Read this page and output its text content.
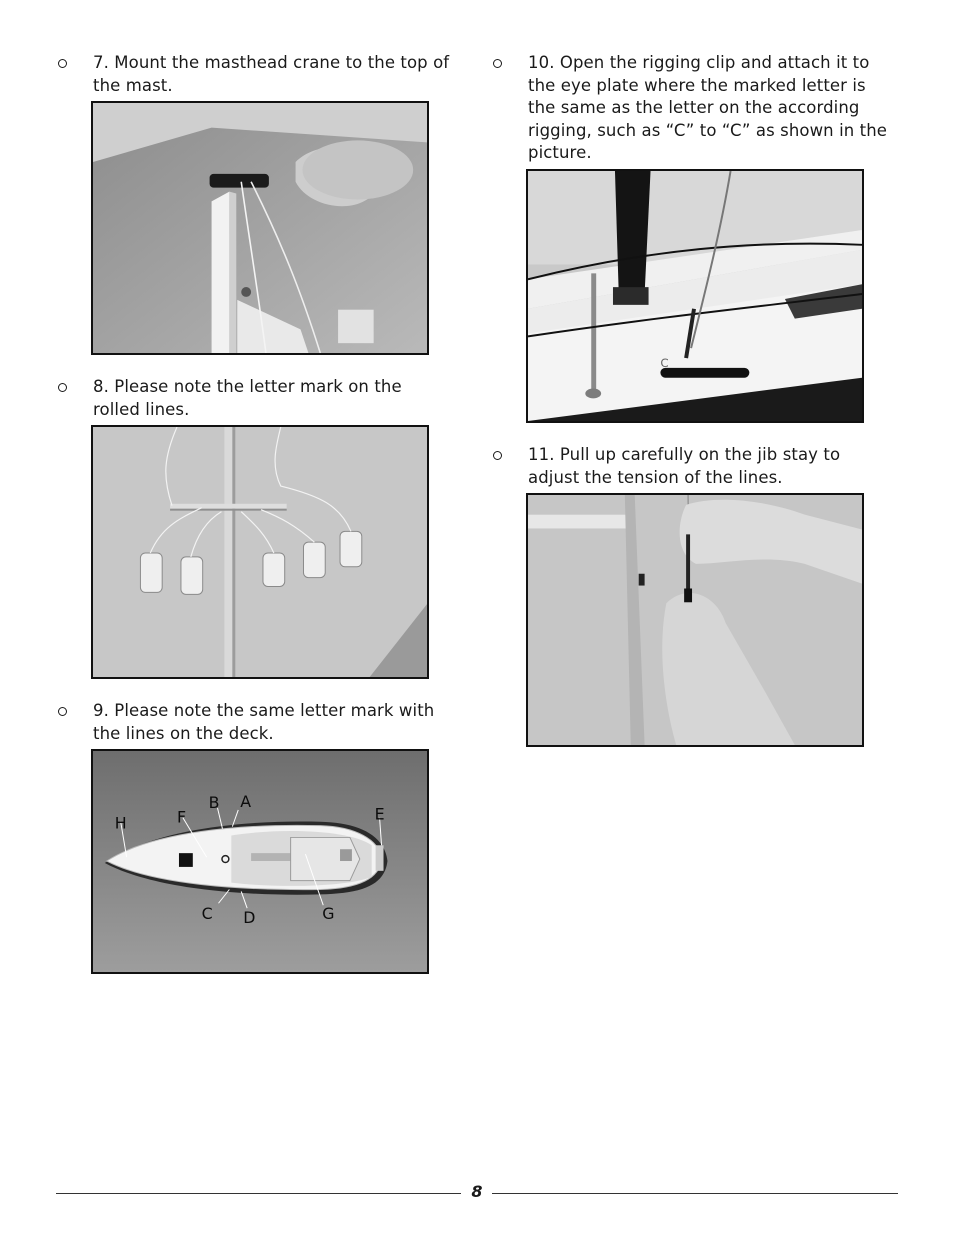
7. Mount the masthead crane to the top of the mast.
8. Please note the letter mark on the rolled lines.
9. Please note the same letter mark with the lines on the deck.
B A
F
H	E
C D	G
10. Open the rigging clip and attach it to the eye plate where the marked letter is the same as the letter on the according rigging, such as “C” to “C” as shown in the picture.
C
11. Pull up carefully on the jib stay to adjust the tension of the lines.
8
